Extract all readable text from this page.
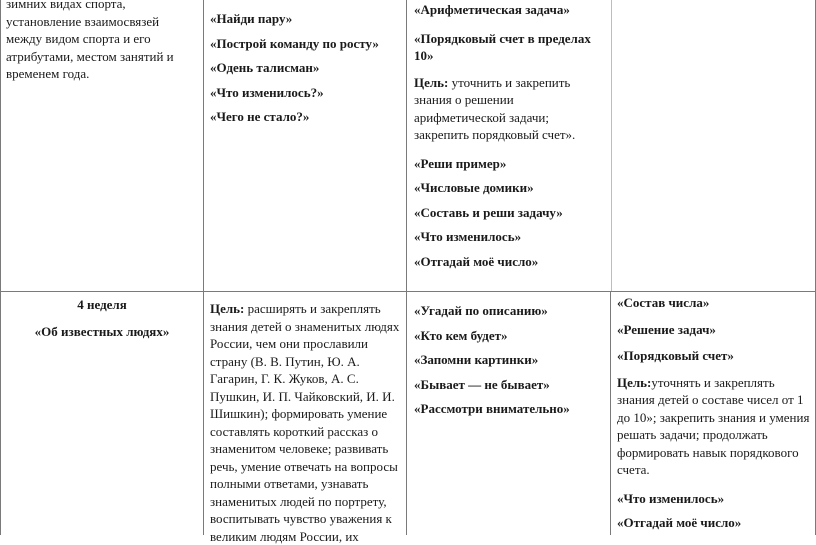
зимних видах спорта, установление взаимосвязей между видом спорта и его атрибутами, местом занятий и временем года.

«Найди пару»

«Построй команду по росту»

«Одень талисман»

«Что изменилось?»

«Чего не стало?»

«Арифметическая задача»

«Порядковый счет в пределах 10»

Цель: уточнить и закрепить знания о решении арифметической задачи; закрепить порядковый счет».

«Реши пример»

«Числовые домики»

«Составь и реши задачу»

«Что изменилось»

«Отгадай моё число»

4 неделя

«Об известных людях»

Цель: расширять и закреплять знания детей о знаменитых людях России, чем они прославили страну (В. В. Путин, Ю. А. Гагарин, Г. К. Жуков, А. С. Пушкин, И. П. Чайковский, И. И. Шишкин); формировать умение составлять короткий рассказ о знаменитом человеке; развивать речь, умение отвечать на вопросы полными ответами, узнавать знаменитых людей по портрету, воспитывать чувство уважения к великим людям России, их

«Угадай по описанию»

«Кто кем будет»

«Запомни картинки»

«Бывает — не бывает»

«Рассмотри внимательно»

«Состав числа»

«Решение задач»

«Порядковый счет»

Цель:уточнять и закреплять знания детей о составе чисел от 1 до 10»; закрепить знания и умения решать задачи; продолжать формировать навык порядкового счета.

«Что изменилось»

«Отгадай моё число»
